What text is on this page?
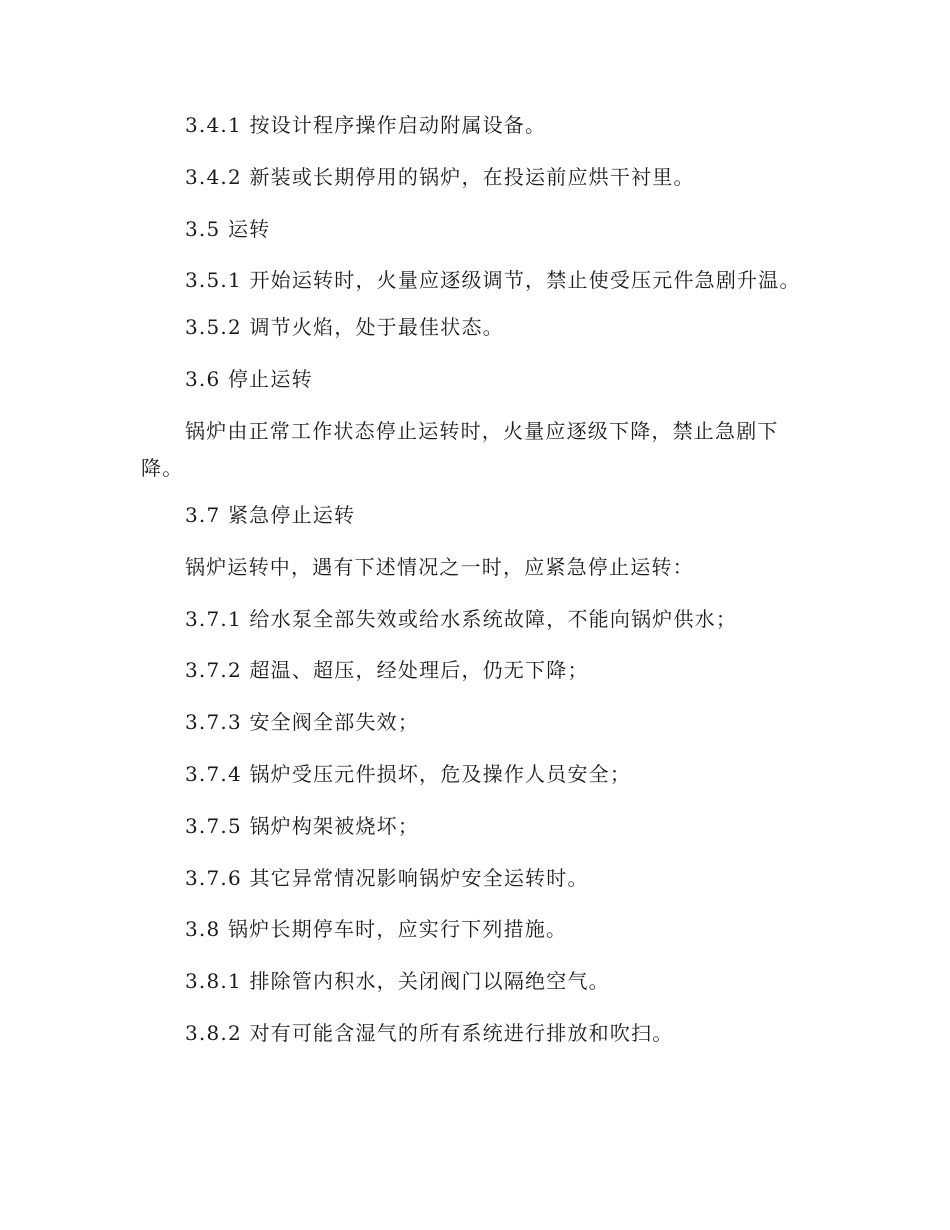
3.4.1 按设计程序操作启动附属设备。

3.4.2 新装或长期停用的锅炉，在投运前应烘干衬里。

3.5 运转

3.5.1 开始运转时，火量应逐级调节，禁止使受压元件急剧升温。

3.5.2 调节火焰，处于最佳状态。

3.6 停止运转

锅炉由正常工作状态停止运转时，火量应逐级下降，禁止急剧下降。

3.7 紧急停止运转

锅炉运转中，遇有下述情况之一时，应紧急停止运转：

3.7.1 给水泵全部失效或给水系统故障，不能向锅炉供水；

3.7.2 超温、超压，经处理后，仍无下降；

3.7.3 安全阀全部失效；

3.7.4 锅炉受压元件损坏，危及操作人员安全；

3.7.5 锅炉构架被烧坏；

3.7.6 其它异常情况影响锅炉安全运转时。

3.8 锅炉长期停车时，应实行下列措施。

3.8.1 排除管内积水，关闭阀门以隔绝空气。

3.8.2 对有可能含湿气的所有系统进行排放和吹扫。
